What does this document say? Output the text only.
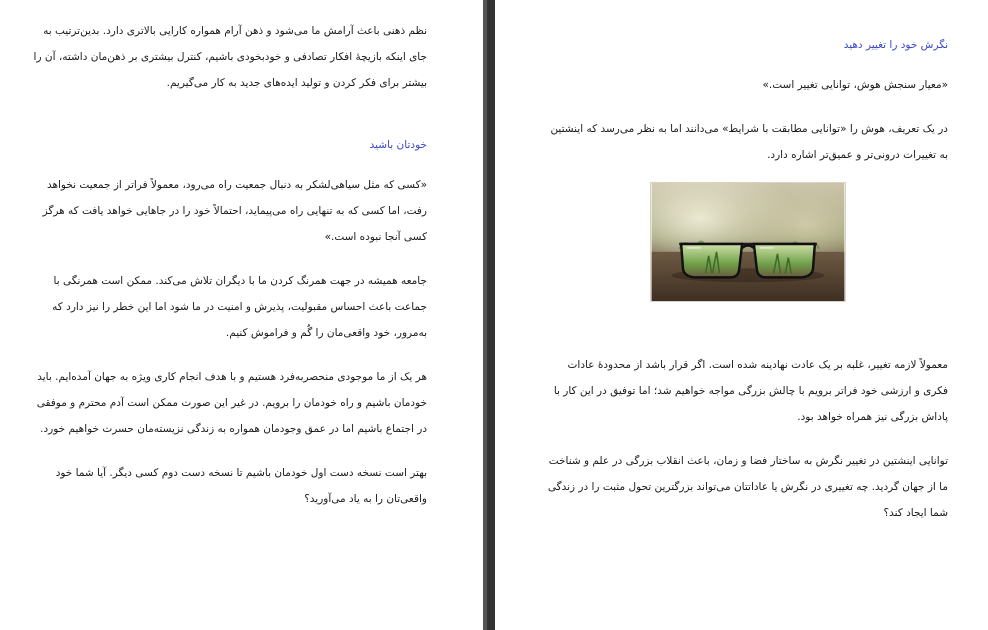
نظم ذهنی باعث آرامش ما می‌شود و ذهن آرام همواره کارایی بالاتری دارد. بدین‌ترتیب به جای اینکه بازیچهٔ افکار تصادفی و خودبخودی باشیم، کنترل بیشتری بر ذهن‌مان داشته، آن را بیشتر برای فکر کردن و تولید ایده‌های جدید به کار می‌گیریم.

خودتان باشید

«کسی که مثل سیاهی‌لشکر به دنبال جمعیت راه می‌رود، معمولاً فراتر از جمعیت نخواهد رفت، اما کسی که به تنهایی راه می‌پیماید، احتمالاً خود را در جاهایی خواهد یافت که هرگز کسی آنجا نبوده است.»

جامعه همیشه در جهت همرنگ کردن ما با دیگران تلاش می‌کند. ممکن است همرنگی با جماعت باعث احساس مقبولیت، پذیرش و امنیت در ما شود اما این خطر را نیز دارد که به‌مرور، خود واقعی‌مان را گُم و فراموش کنیم.

هر یک از ما موجودی منحصربه‌فرد هستیم و با هدف انجام کاری ویژه به جهان آمده‌ایم. باید خودمان باشیم و راه خودمان را برویم. در غیر این صورت ممکن است آدم محترم و موفقی در اجتماع باشیم اما در عمق وجودمان همواره به زندگی نزیسته‌مان حسرت خواهیم خورد.

بهتر است نسخه دست اول خودمان باشیم تا نسخه دست دوم کسی دیگر. آیا شما خود واقعی‌تان را به یاد می‌آورید؟

نگرش خود را تغییر دهید

«معیار سنجش هوش، توانایی تغییر است.»

در یک تعریف، هوش را «توانایی مطابقت با شرایط» می‌دانند اما به نظر می‌رسد که اینشتین به تغییرات درونی‌تر و عمیق‌تر اشاره دارد.

معمولاً لازمه تغییر، غلبه بر یک عادت نهادینه شده است. اگر قرار باشد از محدودهٔ عادات فکری و ارزشی خود فراتر برویم با چالش بزرگی مواجه خواهیم شد؛ اما توفیق در این کار با پاداش بزرگی نیز همراه خواهد بود.

توانایی اینشتین در تغییر نگرش به ساختار فضا و زمان، باعث انقلاب بزرگی در علم و شناخت ما از جهان گردید. چه تغییری در نگرش یا عاداتتان می‌تواند بزرگترین تحول مثبت را در زندگی شما ایجاد کند؟
